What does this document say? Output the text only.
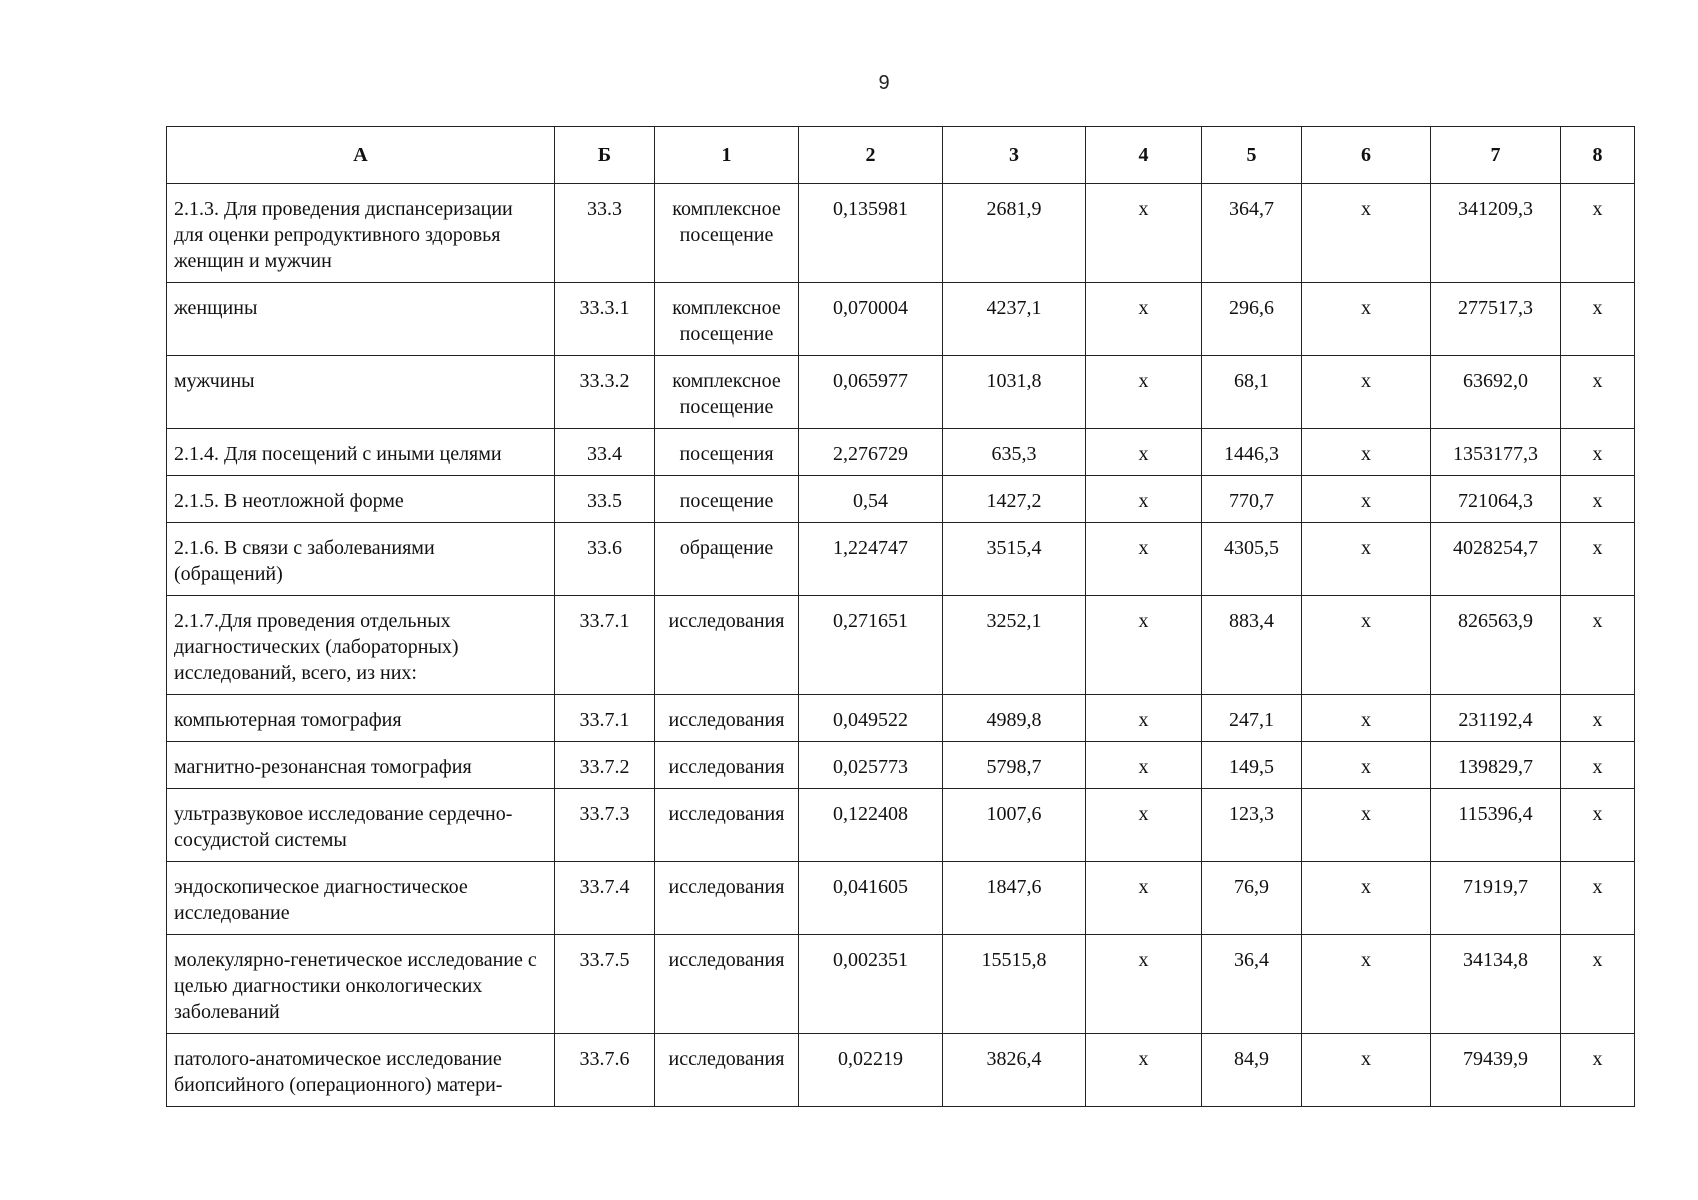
9
А	Б	1	2	3	4	5	6	7	8
2.1.3. Для проведения диспансеризации для оценки репродуктивного здоровья женщин и мужчин	33.3	комплексное посещение	0,135981	2681,9	x	364,7	x	341209,3	x
женщины	33.3.1	комплексное посещение	0,070004	4237,1	x	296,6	x	277517,3	x
мужчины	33.3.2	комплексное посещение	0,065977	1031,8	x	68,1	x	63692,0	x
2.1.4. Для посещений с иными целями	33.4	посещения	2,276729	635,3	x	1446,3	x	1353177,3	x
2.1.5. В неотложной форме	33.5	посещение	0,54	1427,2	x	770,7	x	721064,3	x
2.1.6. В связи с заболеваниями (обращений)	33.6	обращение	1,224747	3515,4	x	4305,5	x	4028254,7	x
2.1.7.Для проведения отдельных диагностических (лабораторных) исследований, всего, из них:	33.7.1	исследования	0,271651	3252,1	x	883,4	x	826563,9	x
компьютерная томография	33.7.1	исследования	0,049522	4989,8	x	247,1	x	231192,4	x
магнитно-резонансная томография	33.7.2	исследования	0,025773	5798,7	x	149,5	x	139829,7	x
ультразвуковое исследование сердечно-сосудистой системы	33.7.3	исследования	0,122408	1007,6	x	123,3	x	115396,4	x
эндоскопическое диагностическое исследование	33.7.4	исследования	0,041605	1847,6	x	76,9	x	71919,7	x
молекулярно-генетическое исследование с целью диагностики онкологических заболеваний	33.7.5	исследования	0,002351	15515,8	x	36,4	x	34134,8	x
патолого-анатомическое исследование биопсийного (операционного) матери-	33.7.6	исследования	0,02219	3826,4	x	84,9	x	79439,9	x
